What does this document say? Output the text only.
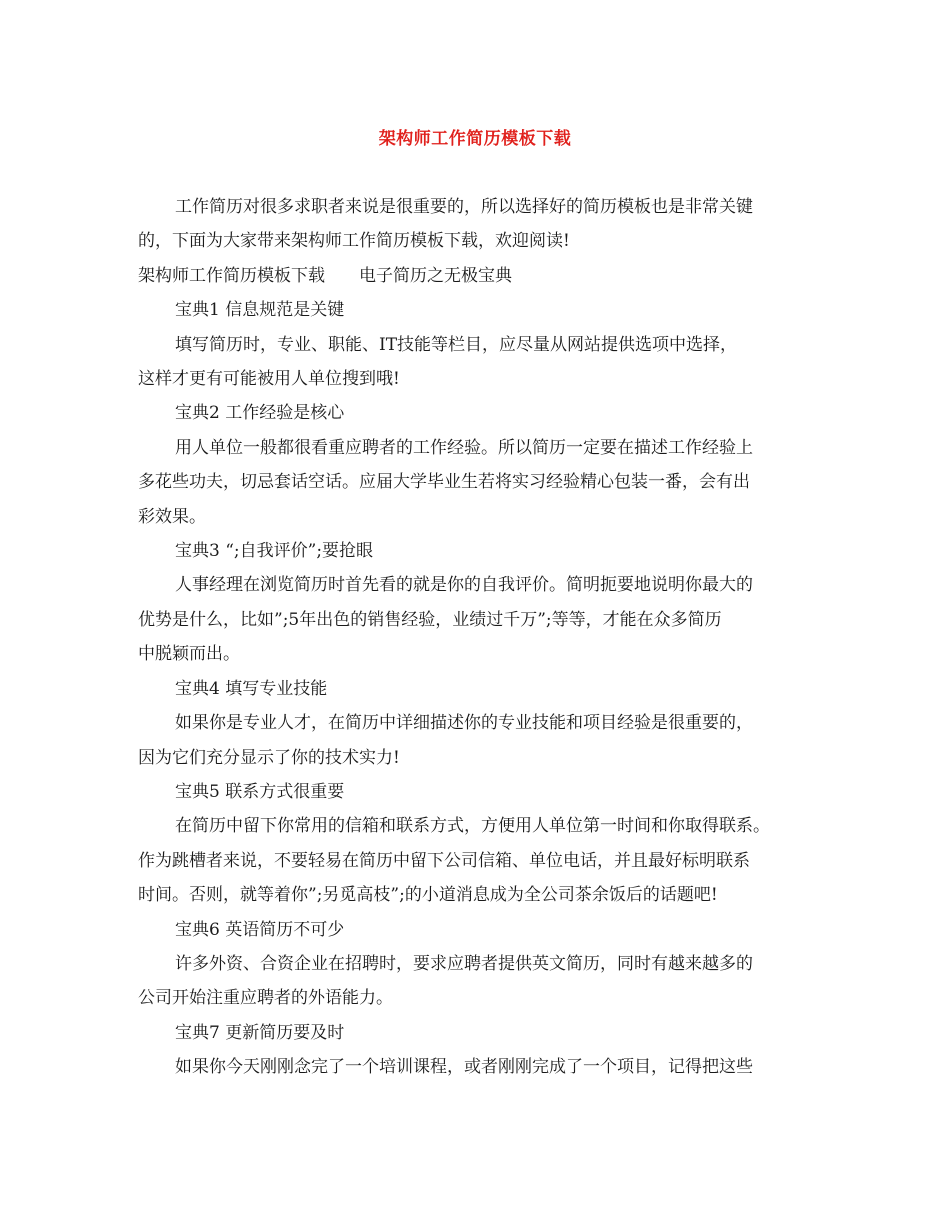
架构师工作简历模板下载

工作简历对很多求职者来说是很重要的，所以选择好的简历模板也是非常关键

的，下面为大家带来架构师工作简历模板下载，欢迎阅读!

架构师工作简历模板下载　　电子简历之无极宝典

宝典1 信息规范是关键

填写简历时，专业、职能、IT技能等栏目，应尽量从网站提供选项中选择，

这样才更有可能被用人单位搜到哦!

宝典2 工作经验是核心

用人单位一般都很看重应聘者的工作经验。所以简历一定要在描述工作经验上

多花些功夫，切忌套话空话。应届大学毕业生若将实习经验精心包装一番，会有出

彩效果。

宝典3 “;自我评价”;要抢眼

人事经理在浏览简历时首先看的就是你的自我评价。简明扼要地说明你最大的

优势是什么，比如”;5年出色的销售经验，业绩过千万”;等等，才能在众多简历

中脱颖而出。

宝典4 填写专业技能

如果你是专业人才，在简历中详细描述你的专业技能和项目经验是很重要的，

因为它们充分显示了你的技术实力!

宝典5 联系方式很重要

在简历中留下你常用的信箱和联系方式，方便用人单位第一时间和你取得联系。

作为跳槽者来说，不要轻易在简历中留下公司信箱、单位电话，并且最好标明联系

时间。否则，就等着你”;另觅高枝”;的小道消息成为全公司茶余饭后的话题吧!

宝典6 英语简历不可少

许多外资、合资企业在招聘时，要求应聘者提供英文简历，同时有越来越多的

公司开始注重应聘者的外语能力。

宝典7 更新简历要及时

如果你今天刚刚念完了一个培训课程，或者刚刚完成了一个项目，记得把这些
